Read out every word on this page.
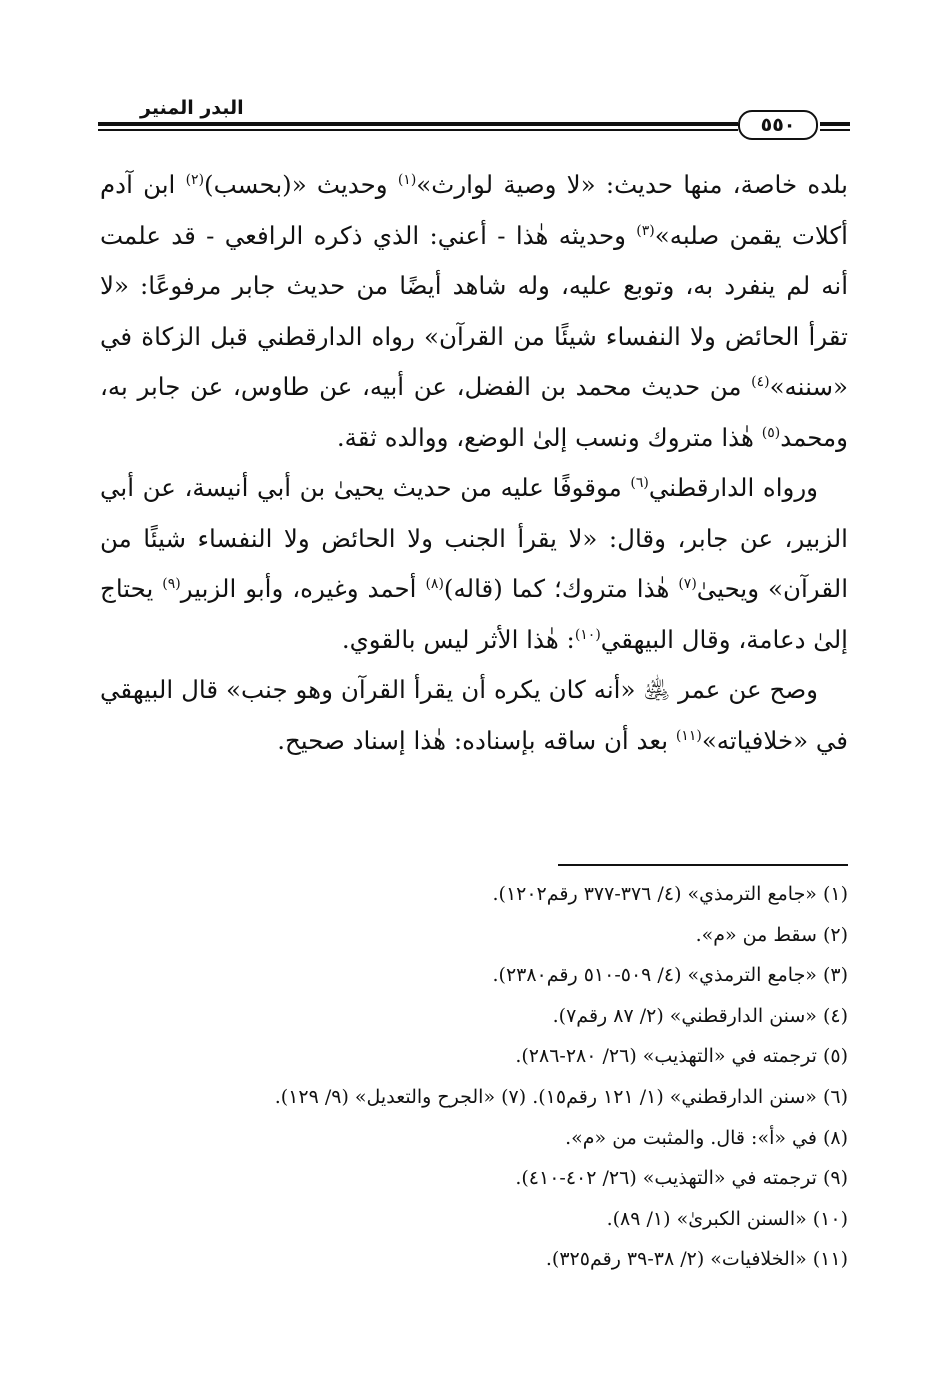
البدر المنير
٥٥٠

بلده خاصة، منها حديث: «لا وصية لوارث»$^{(١)}$ وحديث «(بحسب)$^{(٢)}$ ابن آدم أكلات يقمن صلبه»$^{(٣)}$ وحديثه هٰذا - أعني: الذي ذكره الرافعي - قد علمت أنه لم ينفرد به، وتوبع عليه، وله شاهد أيضًا من حديث جابر مرفوعًا: «لا تقرأ الحائض ولا النفساء شيئًا من القرآن» رواه الدارقطني قبل الزكاة في «سننه»$^{(٤)}$ من حديث محمد بن الفضل، عن أبيه، عن طاوس، عن جابر به، ومحمد$^{(٥)}$ هٰذا متروك ونسب إلىٰ الوضع، ووالده ثقة.

ورواه الدارقطني$^{(٦)}$ موقوفًا عليه من حديث يحيىٰ بن أبي أنيسة، عن أبي الزبير، عن جابر، وقال: «لا يقرأ الجنب ولا الحائض ولا النفساء شيئًا من القرآن» ويحيىٰ$^{(٧)}$ هٰذا متروك؛ كما (قاله)$^{(٨)}$ أحمد وغيره، وأبو الزبير$^{(٩)}$ يحتاج إلىٰ دعامة، وقال البيهقي$^{(١٠)}$: هٰذا الأثر ليس بالقوي.

وصح عن عمر ﵁ «أنه كان يكره أن يقرأ القرآن وهو جنب» قال البيهقي في «خلافياته»$^{(١١)}$ بعد أن ساقه بإسناده: هٰذا إسناد صحيح.

(١)«جامع الترمذي» (٤/ ٣٧٦-٣٧٧ رقم١٢٠٢).

(٢)سقط من «م».

(٣)«جامع الترمذي» (٤/ ٥٠٩-٥١٠ رقم٢٣٨٠).

(٤)«سنن الدارقطني» (٢/ ٨٧ رقم٧).

(٥)ترجمته في «التهذيب» (٢٦/ ٢٨٠-٢٨٦).

(٦)«سنن الدارقطني» (١/ ١٢١ رقم١٥). (٧) «الجرح والتعديل» (٩/ ١٢٩).

(٨)في «أ»: قال. والمثبت من «م».

(٩)ترجمته في «التهذيب» (٢٦/ ٤٠٢-٤١٠).

(١٠)«السنن الكبرىٰ» (١/ ٨٩).

(١١)«الخلافيات» (٢/ ٣٨-٣٩ رقم٣٢٥).
